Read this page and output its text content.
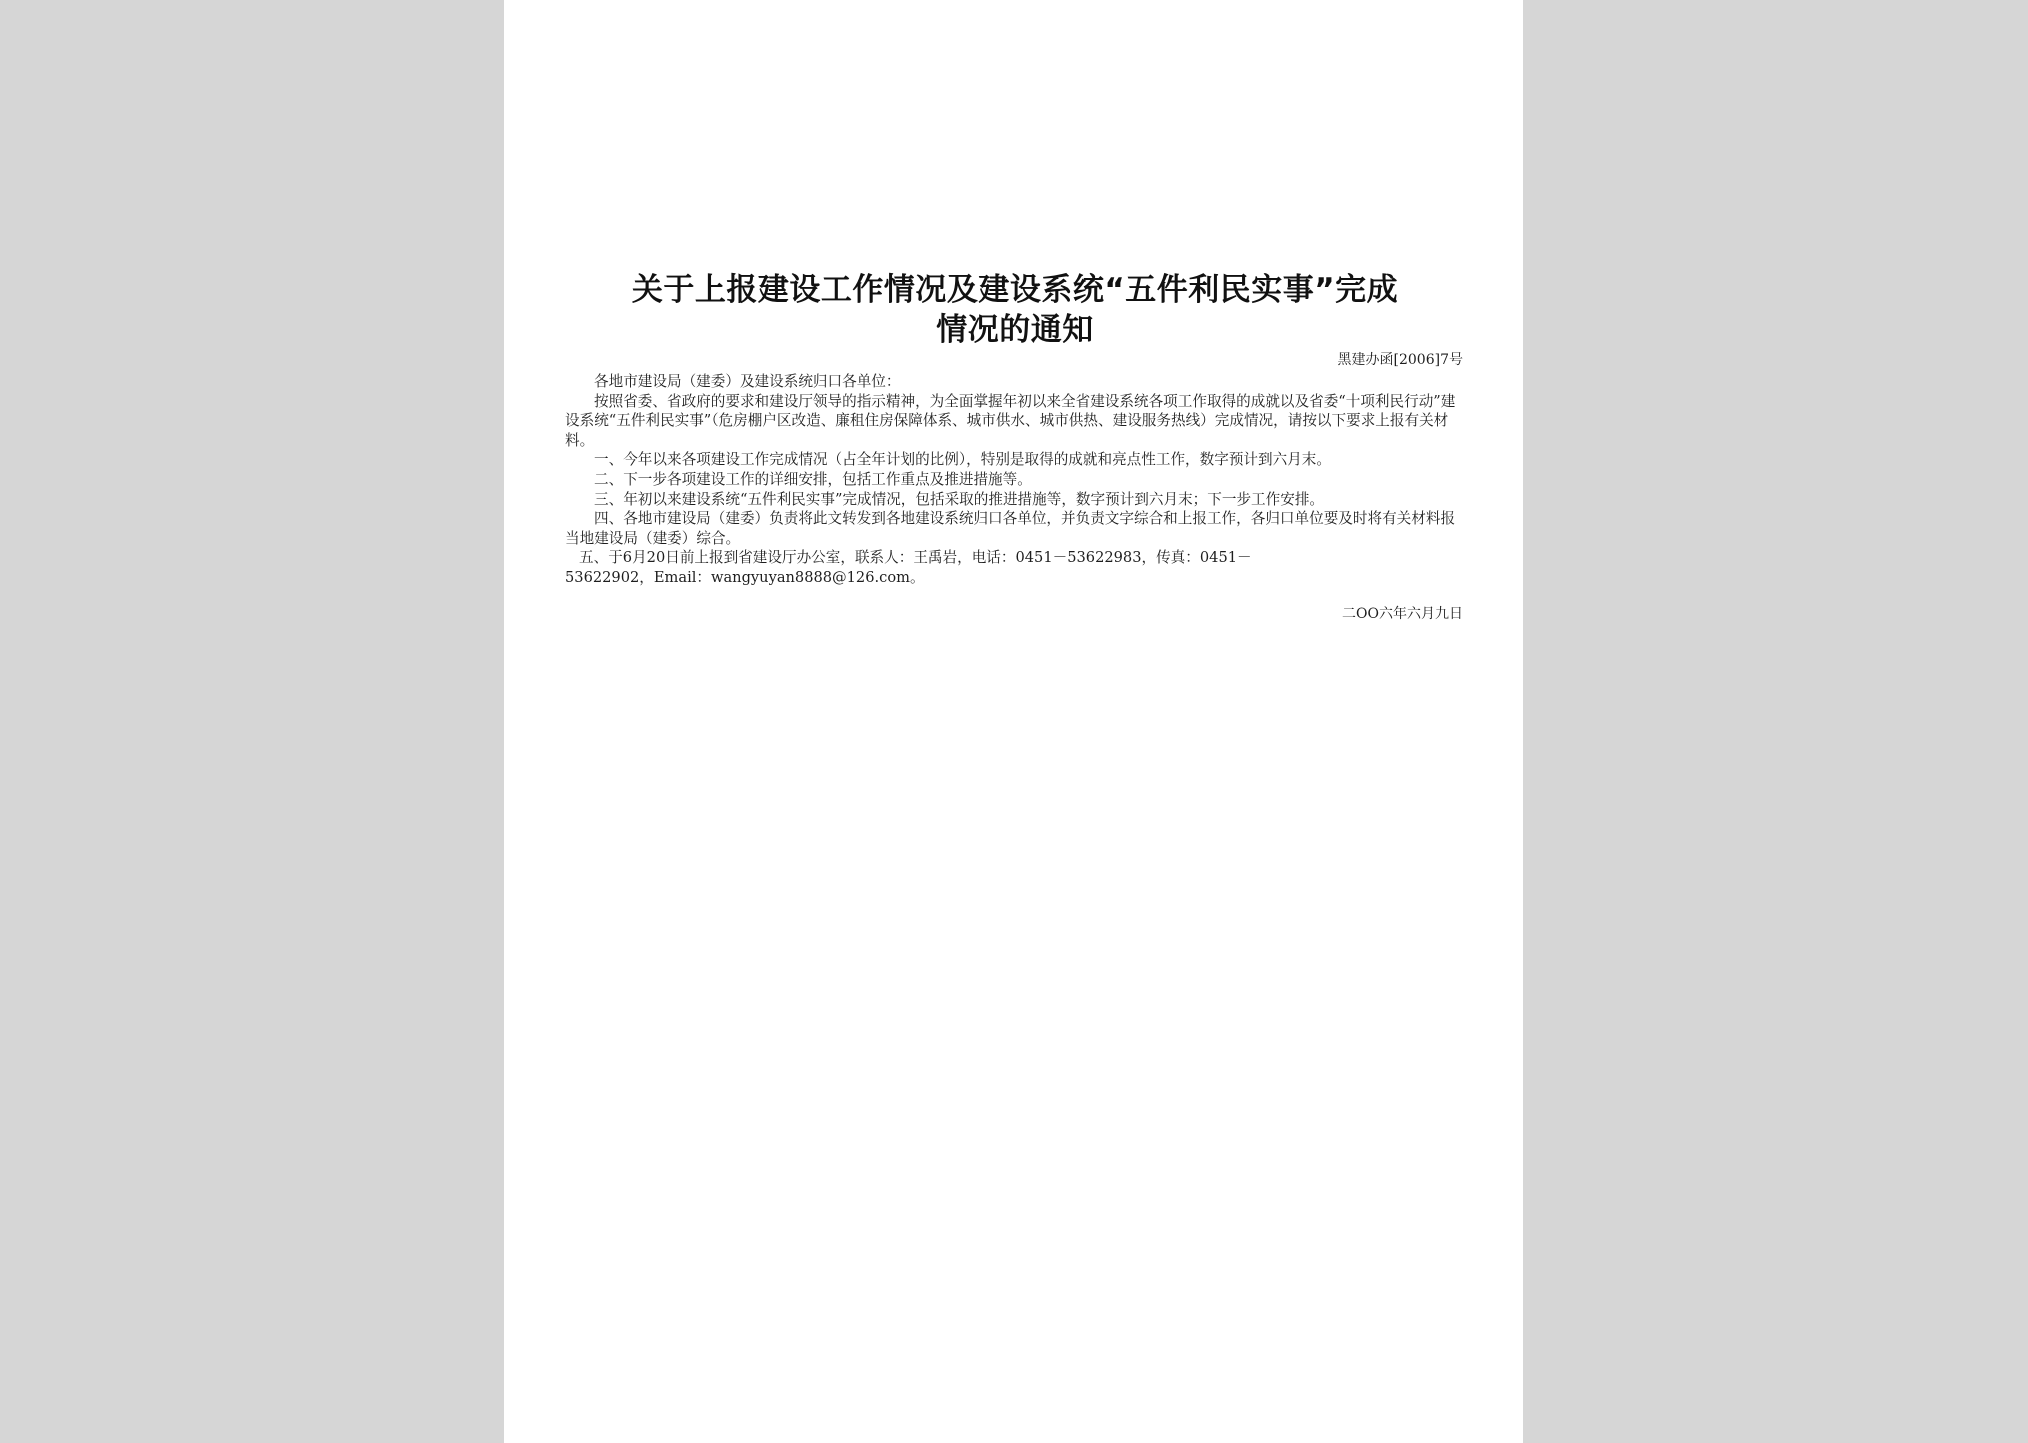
关于上报建设工作情况及建设系统“五件利民实事”完成
情况的通知
黑建办函[2006]7号

各地市建设局（建委）及建设系统归口各单位：

按照省委、省政府的要求和建设厅领导的指示精神，为全面掌握年初以来全省建设系统各项工作取得的成就以及省委“十项利民行动”建设系统“五件利民实事”（危房棚户区改造、廉租住房保障体系、城市供水、城市供热、建设服务热线）完成情况，请按以下要求上报有关材料。

一、今年以来各项建设工作完成情况（占全年计划的比例），特别是取得的成就和亮点性工作，数字预计到六月末。

二、下一步各项建设工作的详细安排，包括工作重点及推进措施等。

三、年初以来建设系统“五件利民实事”完成情况，包括采取的推进措施等，数字预计到六月末；下一步工作安排。

四、各地市建设局（建委）负责将此文转发到各地建设系统归口各单位，并负责文字综合和上报工作，各归口单位要及时将有关材料报当地建设局（建委）综合。

五、于6月20日前上报到省建设厅办公室，联系人：王禹岩，电话：0451－53622983，传真：0451－

53622902，Email：wangyuyan8888@126.com。

二OO六年六月九日
